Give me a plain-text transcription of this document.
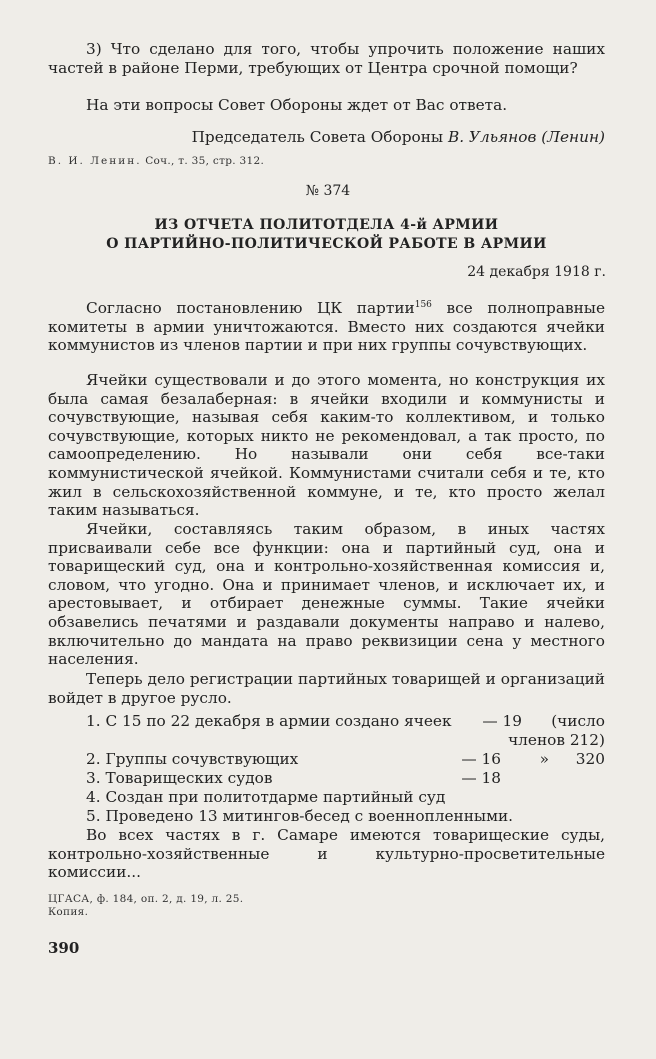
3) Что сделано для того, чтобы упрочить положение наших частей в районе Перми, требующих от Центра срочной помощи?

На эти вопросы Совет Обороны ждет от Вас ответа.

Председатель Совета Обороны В. Ульянов (Ленин)

В. И. Ленин. Соч., т. 35, стр. 312.
№ 374
ИЗ ОТЧЕТА ПОЛИТОТДЕЛА 4-й АРМИИ
О ПАРТИЙНО-ПОЛИТИЧЕСКОЙ РАБОТЕ В АРМИИ
24 декабря 1918 г.

Согласно постановлению ЦК партии$^{156}$ все полноправные комитеты в армии уничтожаются. Вместо них создаются ячейки коммунистов из членов партии и при них группы сочувствующих.

Ячейки существовали и до этого момента, но конструкция их была самая безалаберная: в ячейки входили и коммунисты и сочувствующие, называя себя каким-то коллективом, и только сочувствующие, которых никто не рекомендовал, а так просто, по самоопределению. Но называли они себя все-таки коммунистической ячейкой. Коммунистами считали себя и те, кто жил в сельскохозяйственной коммуне, и те, кто просто желал таким называться.

Ячейки, составляясь таким образом, в иных частях присваивали себе все функции: она и партийный суд, она и товарищеский суд, она и контрольно-хозяйственная комиссия и, словом, что угодно. Она и принимает членов, и исключает их, и арестовывает, и отбирает денежные суммы. Такие ячейки обзавелись печатями и раздавали документы направо и налево, включительно до мандата на право реквизиции сена у местного населения.

Теперь дело регистрации партийных товарищей и организаций войдет в другое русло.

1. С 15 по 22 декабря в армии создано ячеек — 19 (число
членов 212)
2. Группы сочувствующих	— 16	» 320
3. Товарищеских судов	— 18
4. Создан при политотдарме партийный суд
5. Проведено 13 митингов-бесед с военнопленными.

Во всех частях в г. Самаре имеются товарищеские суды, контрольно-хозяйственные и культурно-просветительные комиссии...

ЦГАСА, ф. 184, оп. 2, д. 19, л. 25.
Копия.
390
